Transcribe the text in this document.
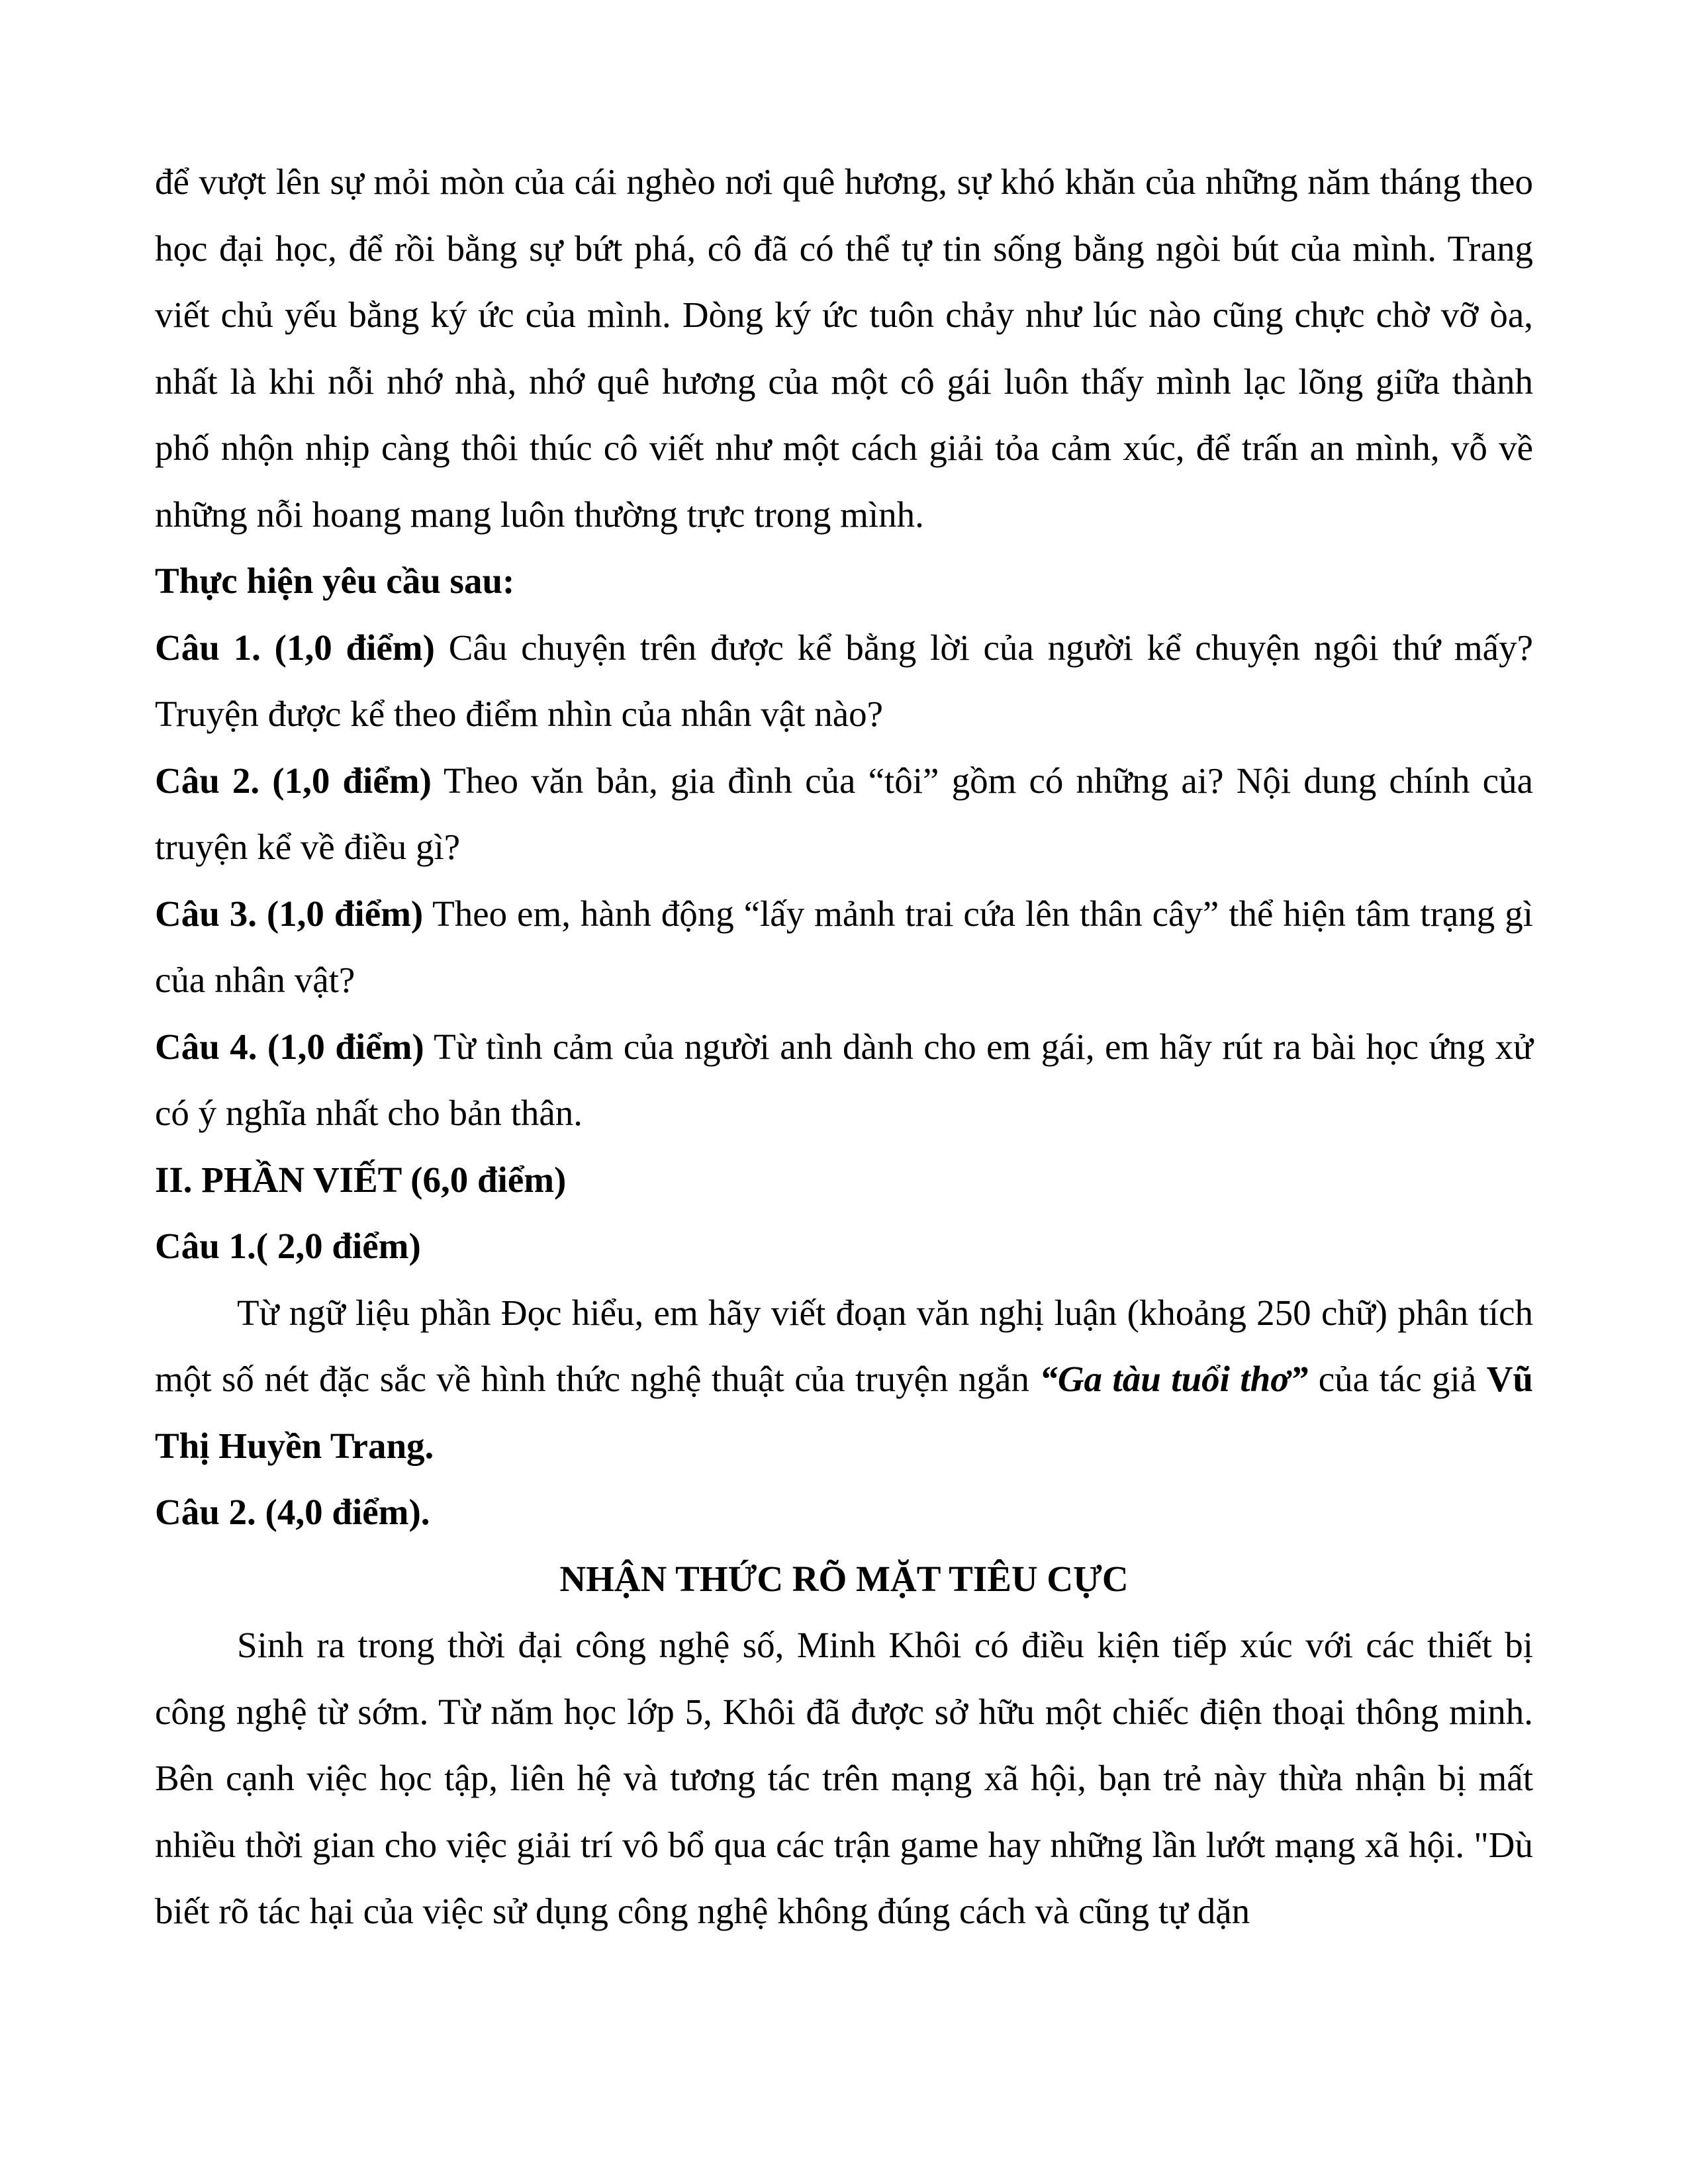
để vượt lên sự mỏi mòn của cái nghèo nơi quê hương, sự khó khăn của những năm tháng theo học đại học, để rồi bằng sự bứt phá, cô đã có thể tự tin sống bằng ngòi bút của mình. Trang viết chủ yếu bằng ký ức của mình. Dòng ký ức tuôn chảy như lúc nào cũng chực chờ vỡ òa, nhất là khi nỗi nhớ nhà, nhớ quê hương của một cô gái luôn thấy mình lạc lõng giữa thành phố nhộn nhịp càng thôi thúc cô viết như một cách giải tỏa cảm xúc, để trấn an mình, vỗ về những nỗi hoang mang luôn thường trực trong mình.

Thực hiện yêu cầu sau:

Câu 1. (1,0 điểm) Câu chuyện trên được kể bằng lời của người kể chuyện ngôi thứ mấy? Truyện được kể theo điểm nhìn của nhân vật nào?

Câu 2. (1,0 điểm) Theo văn bản, gia đình của “tôi” gồm có những ai? Nội dung chính của truyện kể về điều gì?

Câu 3. (1,0 điểm) Theo em, hành động “lấy mảnh trai cứa lên thân cây” thể hiện tâm trạng gì của nhân vật?

Câu 4. (1,0 điểm) Từ tình cảm của người anh dành cho em gái, em hãy rút ra bài học ứng xử có ý nghĩa nhất cho bản thân.

II. PHẦN VIẾT (6,0 điểm)

Câu 1.( 2,0 điểm)

Từ ngữ liệu phần Đọc hiểu, em hãy viết đoạn văn nghị luận (khoảng 250 chữ) phân tích một số nét đặc sắc về hình thức nghệ thuật của truyện ngắn “Ga tàu tuổi thơ” của tác giả Vũ Thị Huyền Trang.

Câu 2. (4,0 điểm).

NHẬN THỨC RÕ MẶT TIÊU CỰC

Sinh ra trong thời đại công nghệ số, Minh Khôi có điều kiện tiếp xúc với các thiết bị công nghệ từ sớm. Từ năm học lớp 5, Khôi đã được sở hữu một chiếc điện thoại thông minh. Bên cạnh việc học tập, liên hệ và tương tác trên mạng xã hội, bạn trẻ này thừa nhận bị mất nhiều thời gian cho việc giải trí vô bổ qua các trận game hay những lần lướt mạng xã hội. "Dù biết rõ tác hại của việc sử dụng công nghệ không đúng cách và cũng tự dặn
